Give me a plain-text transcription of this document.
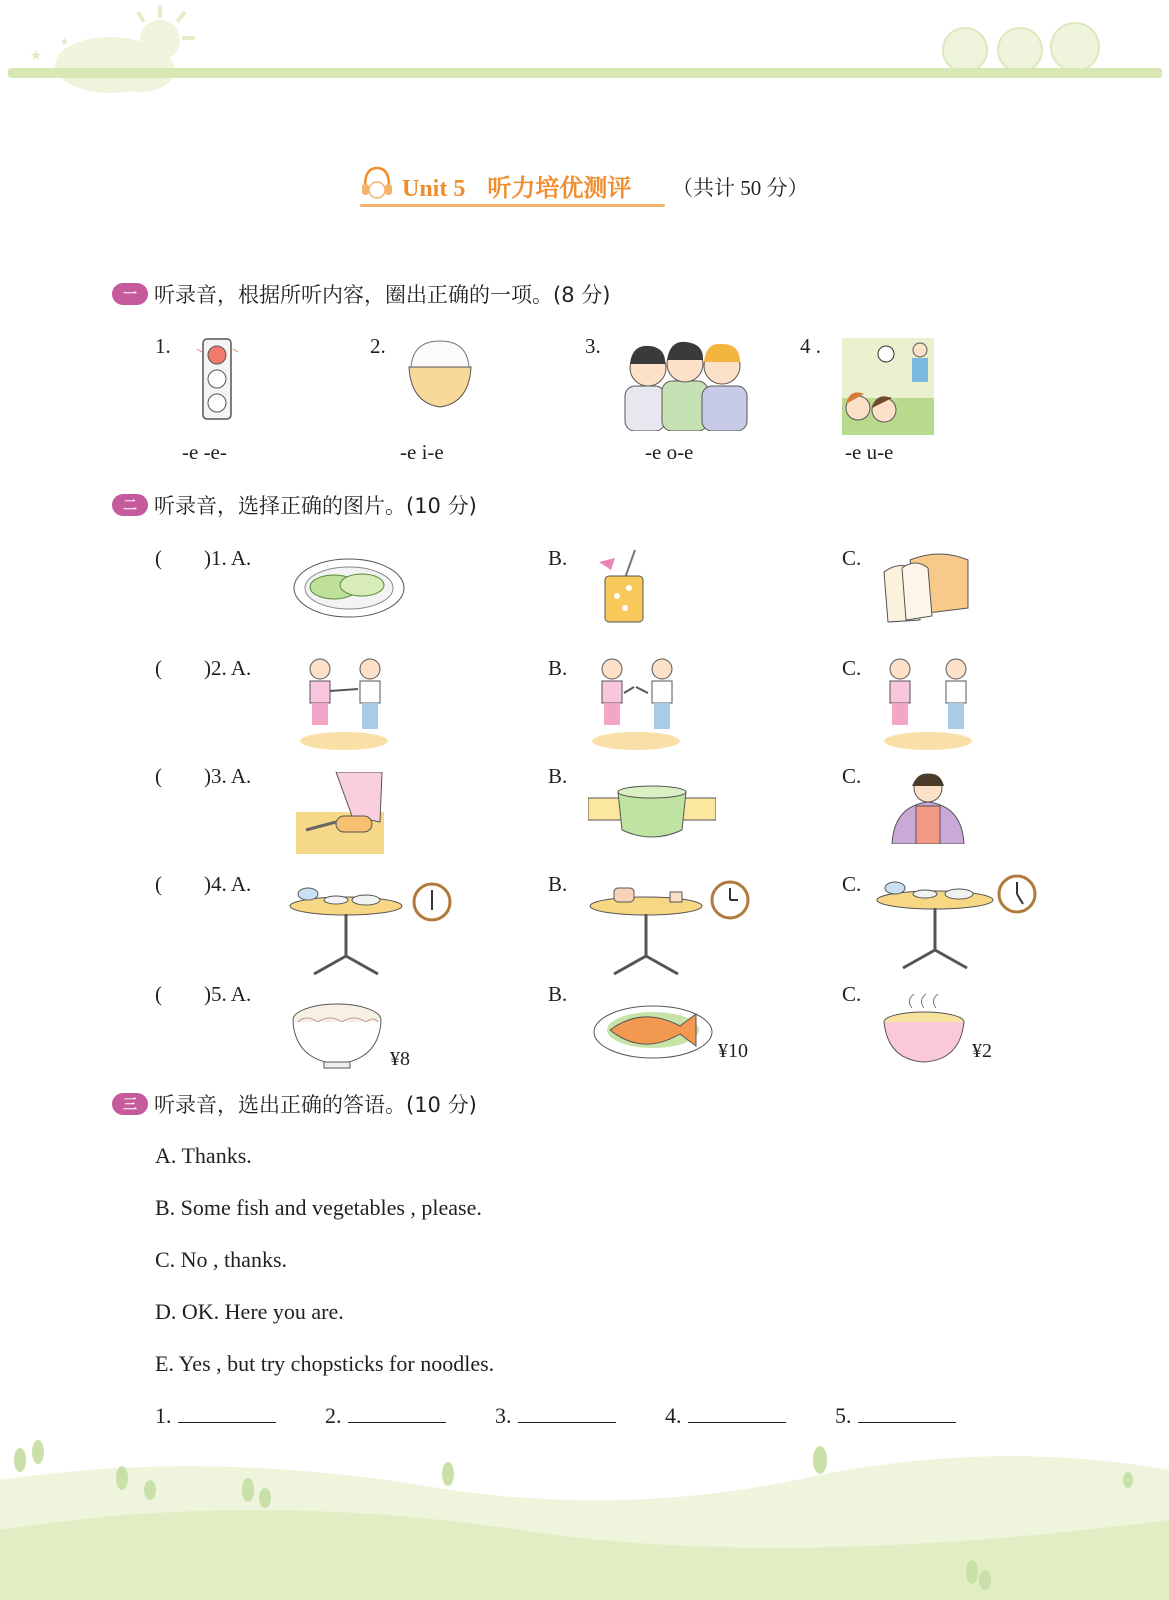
★
★
Unit 5 听力培优测评 （共计 50 分）
一 听录音，根据所听内容，圈出正确的一项。(8 分)
1.	2.	3.	4 .
-e -e-	-e i-e	-e o-e	-e u-e
二 听录音，选择正确的图片。(10 分)
(        )1. A.	B.	C.
(        )2. A.	B.	C.
(        )3. A.	B.	C.
(        )4. A.	B.	C.
(        )5. A.	B.	C.
¥8	¥10	¥2
三 听录音，选出正确的答语。(10 分)
A. Thanks.
B. Some fish and vegetables , please.
C. No , thanks.
D. OK. Here you are.
E. Yes , but try chopsticks for noodles.
1.	2.	3.	4.	5.
